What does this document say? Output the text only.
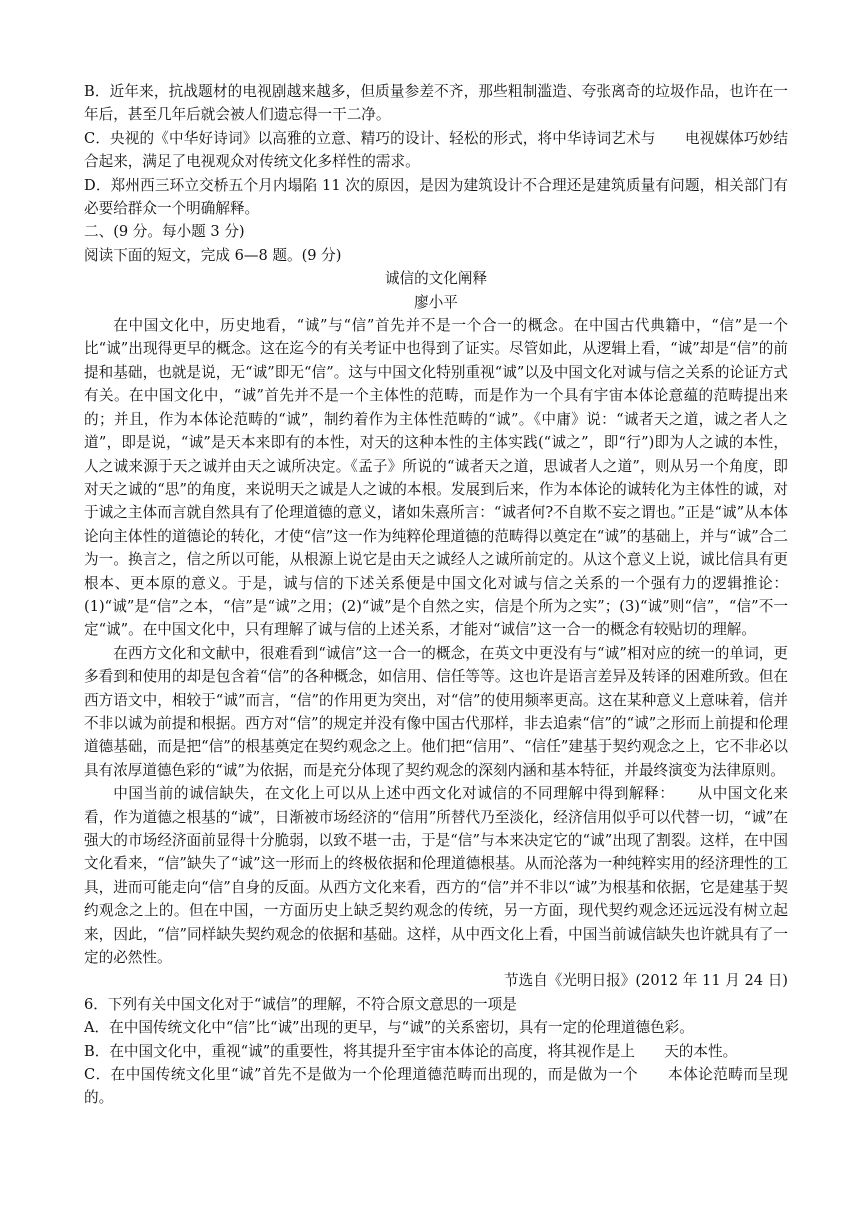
B．近年来，抗战题材的电视剧越来越多，但质量参差不齐，那些粗制滥造、夸张离奇的垃圾作品，也许在一年后，甚至几年后就会被人们遗忘得一干二净。

C．央视的《中华好诗词》以高雅的立意、精巧的设计、轻松的形式，将中华诗词艺术与　　电视媒体巧妙结合起来，满足了电视观众对传统文化多样性的需求。

D．郑州西三环立交桥五个月内塌陷 11 次的原因，是因为建筑设计不合理还是建筑质量有问题，相关部门有必要给群众一个明确解释。

二、(9 分。每小题 3 分)

阅读下面的短文，完成 6—8 题。(9 分)

诚信的文化阐释

廖小平

在中国文化中，历史地看，“诚”与“信”首先并不是一个合一的概念。在中国古代典籍中，“信”是一个比“诚”出现得更早的概念。这在迄今的有关考证中也得到了证实。尽管如此，从逻辑上看，“诚”却是“信”的前提和基础，也就是说，无“诚”即无“信”。这与中国文化特别重视“诚”以及中国文化对诚与信之关系的论证方式有关。在中国文化中，“诚”首先并不是一个主体性的范畴，而是作为一个具有宇宙本体论意蕴的范畴提出来的；并且，作为本体论范畴的“诚”，制约着作为主体性范畴的“诚”。《中庸》说：“诚者天之道，诚之者人之道”，即是说，“诚”是天本来即有的本性，对天的这种本性的主体实践(“诚之”，即“行”)即为人之诚的本性，人之诚来源于天之诚并由天之诚所决定。《孟子》所说的“诚者天之道，思诚者人之道”，则从另一个角度，即对天之诚的“思”的角度，来说明天之诚是人之诚的本根。发展到后来，作为本体论的诚转化为主体性的诚，对于诚之主体而言就自然具有了伦理道德的意义，诸如朱熹所言：“诚者何?不自欺不妄之谓也。”正是“诚”从本体论向主体性的道德论的转化，才使“信”这一作为纯粹伦理道德的范畴得以奠定在“诚”的基础上，并与“诚”合二为一。换言之，信之所以可能，从根源上说它是由天之诚经人之诚所前定的。从这个意义上说，诚比信具有更根本、更本原的意义。于是，诚与信的下述关系便是中国文化对诚与信之关系的一个强有力的逻辑推论：(1)“诚”是“信”之本，“信”是“诚”之用；(2)“诚”是个自然之实，信是个所为之实”；(3)“诚”则“信”，“信”不一定“诚”。在中国文化中，只有理解了诚与信的上述关系，才能对“诚信”这一合一的概念有较贴切的理解。

在西方文化和文献中，很难看到“诚信”这一合一的概念，在英文中更没有与“诚”相对应的统一的单词，更多看到和使用的却是包含着“信”的各种概念，如信用、信任等等。这也许是语言差异及转译的困难所致。但在西方语文中，相较于“诚”而言，“信”的作用更为突出，对“信”的使用频率更高。这在某种意义上意味着，信并不非以诚为前提和根据。西方对“信”的规定并没有像中国古代那样，非去追索“信”的“诚”之形而上前提和伦理道德基础，而是把“信”的根基奠定在契约观念之上。他们把“信用”、“信任”建基于契约观念之上，它不非必以具有浓厚道德色彩的“诚”为依据，而是充分体现了契约观念的深刻内涵和基本特征，并最终演变为法律原则。

中国当前的诚信缺失，在文化上可以从上述中西文化对诚信的不同理解中得到解释：　　从中国文化来看，作为道德之根基的“诚”，日渐被市场经济的“信用”所替代乃至淡化，经济信用似乎可以代替一切，“诚”在强大的市场经济面前显得十分脆弱，以致不堪一击，于是“信”与本来决定它的“诚”出现了割裂。这样，在中国文化看来，“信”缺失了“诚”这一形而上的终极依据和伦理道德根基。从而沦落为一种纯粹实用的经济理性的工具，进而可能走向“信”自身的反面。从西方文化来看，西方的“信”并不非以“诚”为根基和依据，它是建基于契约观念之上的。但在中国，一方面历史上缺乏契约观念的传统，另一方面，现代契约观念还远远没有树立起来，因此，“信”同样缺失契约观念的依据和基础。这样，从中西文化上看，中国当前诚信缺失也许就具有了一定的必然性。

节选自《光明日报》(2012 年 11 月 24 日)

6．下列有关中国文化对于“诚信”的理解，不符合原文意思的一项是

A．在中国传统文化中“信”比“诚”出现的更早，与“诚”的关系密切，具有一定的伦理道德色彩。

B．在中国文化中，重视“诚”的重要性，将其提升至宇宙本体论的高度，将其视作是上　　天的本性。

C．在中国传统文化里“诚”首先不是做为一个伦理道德范畴而出现的，而是做为一个　　本体论范畴而呈现的。
